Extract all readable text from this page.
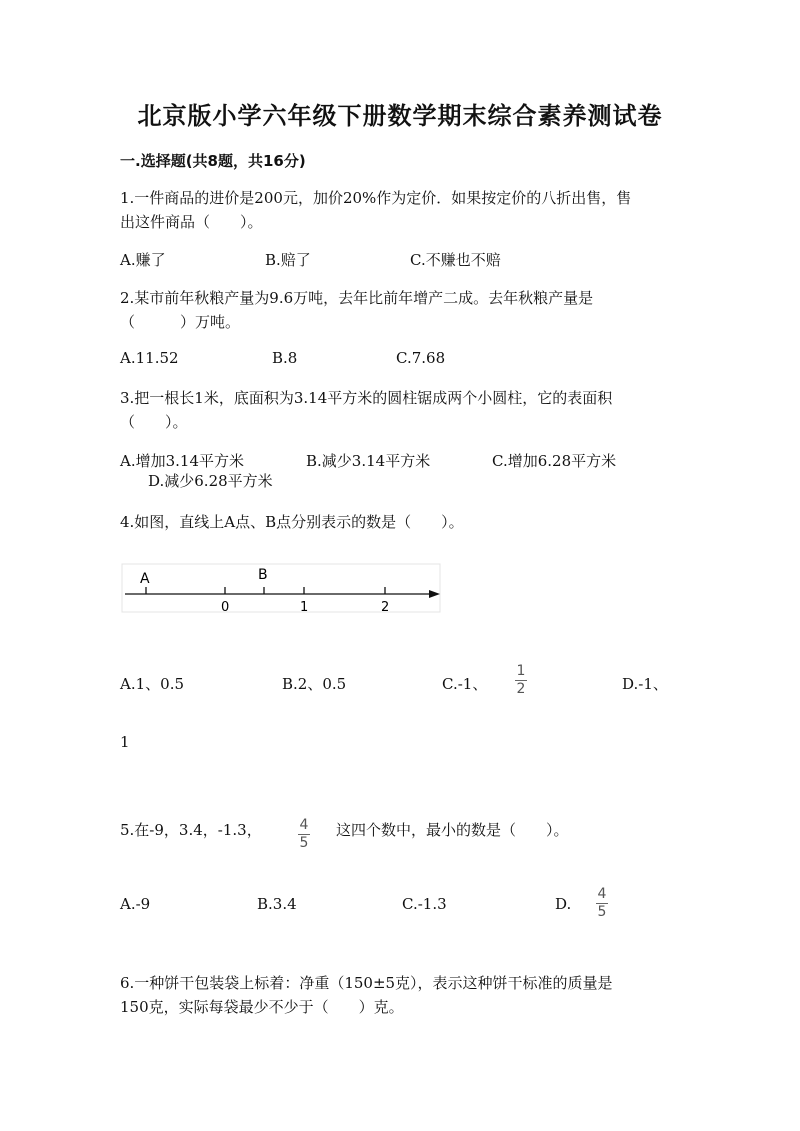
北京版小学六年级下册数学期末综合素养测试卷
一.选择题(共8题，共16分)
1.一件商品的进价是200元，加价20%作为定价．如果按定价的八折出售，售
出这件商品（　　）。
A.赚了	B.赔了	C.不赚也不赔
2.某市前年秋粮产量为9.6万吨，去年比前年增产二成。去年秋粮产量是
（　　　）万吨。
A.11.52	B.8	C.7.68
3.把一根长1米，底面积为3.14平方米的圆柱锯成两个小圆柱，它的表面积
（　　）。
A.增加3.14平方米	B.减少3.14平方米	C.增加6.28平方米
D.减少6.28平方米
4.如图，直线上A点、B点分别表示的数是（　　）。
A	B
0	1	2
A.1、0.5	B.2、0.5	C.-1、
1
2	D.-1、
1
5.在-9，3.4，-1.3，	4
5
这四个数中，最小的数是（　　）。
A.-9	B.3.4	C.-1.3	D.
4
5
6.一种饼干包装袋上标着：净重（150±5克），表示这种饼干标准的质量是
150克，实际每袋最少不少于（　　）克。
